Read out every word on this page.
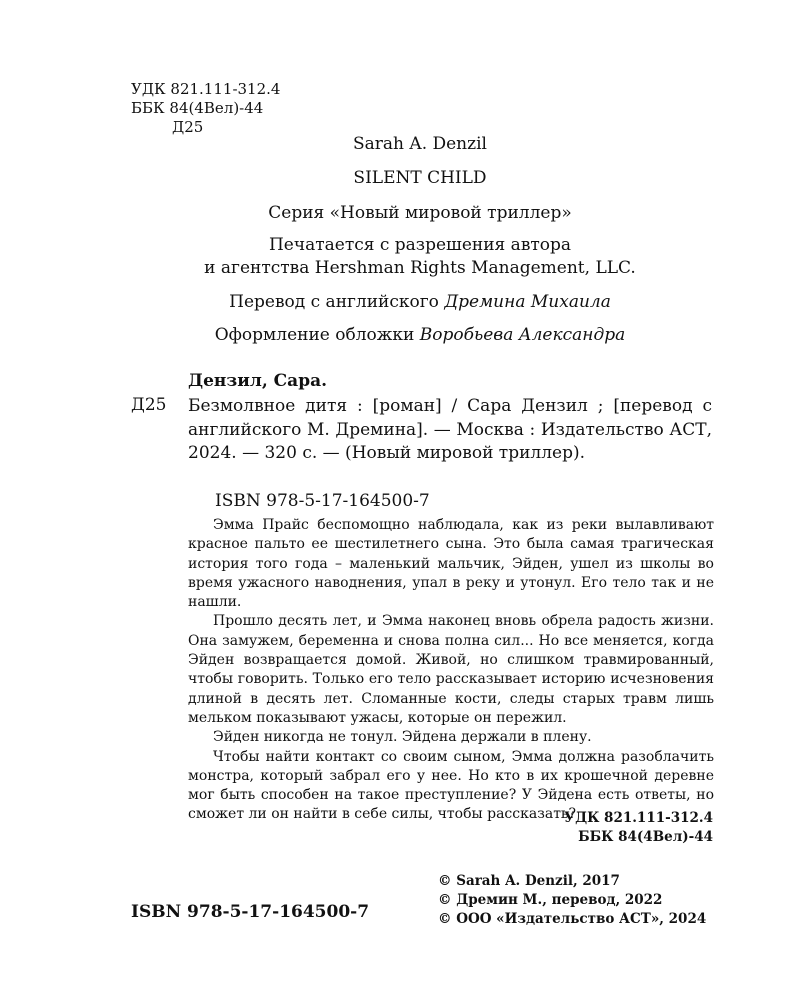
УДК 821.111-312.4
ББК 84(4Вел)-44
Д25
Sarah A. Denzil
SILENT CHILD
Серия «Новый мировой триллер»
Печатается с разрешения автора
и агентства Hershman Rights Management, LLC.
Перевод с английского Дремина Михаила
Оформление обложки Воробьева Александра
Дензил, Сара.
Д25 Безмолвное дитя : [роман] / Сара Дензил ; [перевод с английского М. Дремина]. — Москва : Издательство АСТ, 2024. — 320 с. — (Новый мировой триллер).
ISBN 978-5-17-164500-7

Эмма Прайс беспомощно наблюдала, как из реки вылавливают красное пальто ее шестилетнего сына. Это была самая трагическая история того года – маленький мальчик, Эйден, ушел из школы во время ужасного наводнения, упал в реку и утонул. Его тело так и не нашли.

Прошло десять лет, и Эмма наконец вновь обрела радость жизни. Она замужем, беременна и снова полна сил... Но все меняется, когда Эйден возвращается домой. Живой, но слишком травмированный, чтобы говорить. Только его тело рассказывает историю исчезновения длиной в десять лет. Сломанные кости, следы старых травм лишь мельком показывают ужасы, которые он пережил.

Эйден никогда не тонул. Эйдена держали в плену.

Чтобы найти контакт со своим сыном, Эмма должна разоблачить монстра, который забрал его у нее. Но кто в их крошечной деревне мог быть способен на такое преступление? У Эйдена есть ответы, но сможет ли он найти в себе силы, чтобы рассказать?

УДК 821.111-312.4
ББК 84(4Вел)-44
© Sarah A. Denzil, 2017
© Дремин М., перевод, 2022
© ООО «Издательство АСТ», 2024
ISBN 978-5-17-164500-7
